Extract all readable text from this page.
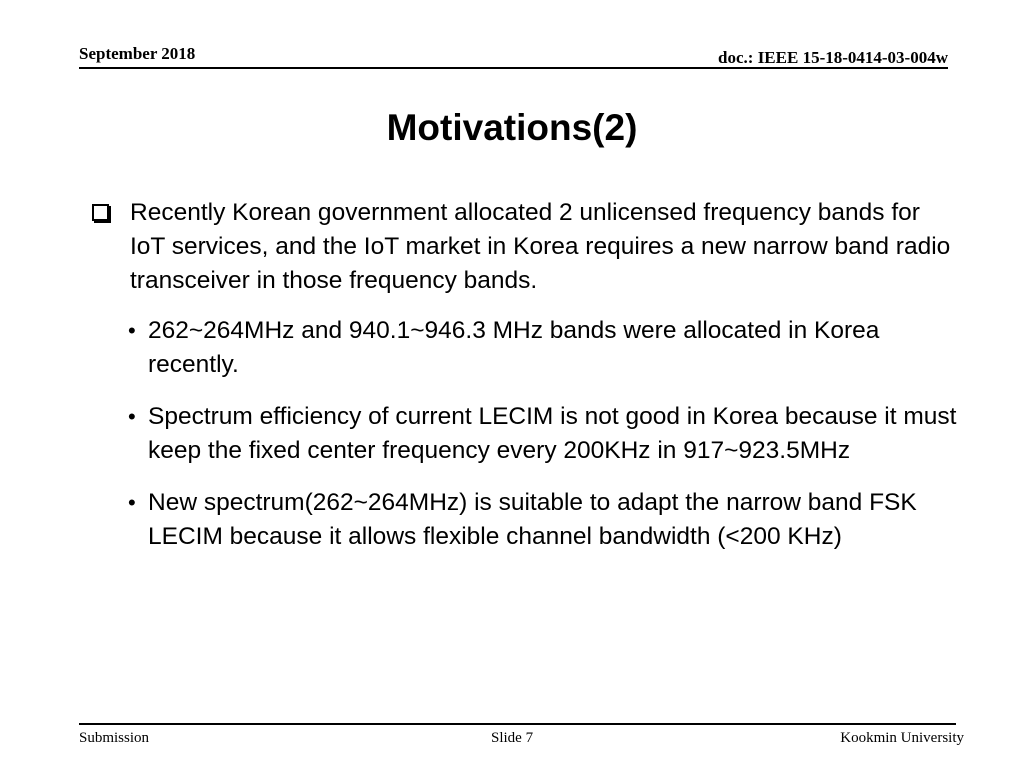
September 2018	doc.: IEEE 15-18-0414-03-004w
Motivations(2)
Recently Korean government allocated 2 unlicensed frequency bands for IoT services, and the IoT market in Korea requires a new narrow band radio transceiver in those frequency bands.
• 262~264MHz and 940.1~946.3 MHz bands were allocated in Korea recently.
• Spectrum efficiency of current LECIM is not good in Korea because it must keep the fixed center frequency every 200KHz in 917~923.5MHz
• New spectrum(262~264MHz) is suitable to adapt the narrow band FSK LECIM because it allows flexible channel bandwidth (<200 KHz)
Submission	Slide 7	Kookmin University
